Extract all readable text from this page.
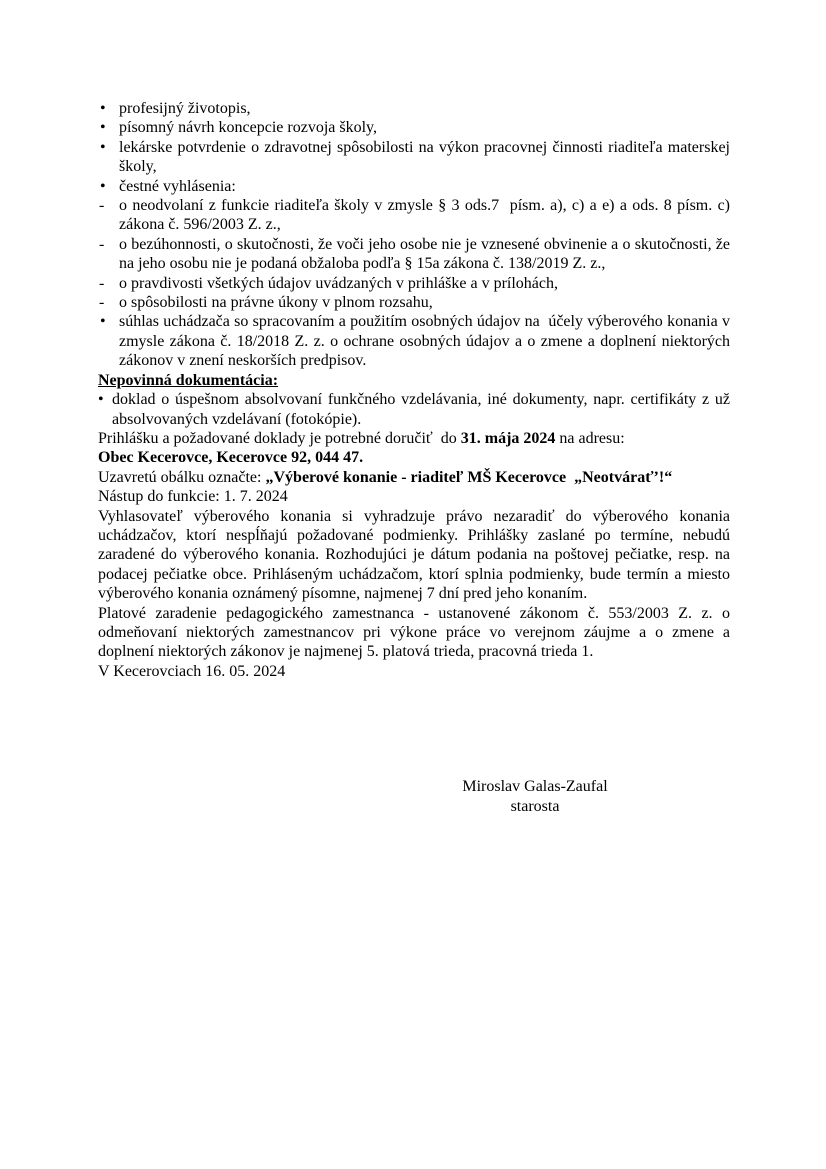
• profesijný životopis,
• písomný návrh koncepcie rozvoja školy,
• lekárske potvrdenie o zdravotnej spôsobilosti na výkon pracovnej činnosti riaditeľa materskej školy,
• čestné vyhlásenia:
- o neodvolaní z funkcie riaditeľa školy v zmysle § 3 ods.7  písm. a), c) a e) a ods. 8 písm. c) zákona č. 596/2003 Z. z.,
- o bezúhonnosti, o skutočnosti, že voči jeho osobe nie je vznesené obvinenie a o skutočnosti, že na jeho osobu nie je podaná obžaloba podľa § 15a zákona č. 138/2019 Z. z.,
- o pravdivosti všetkých údajov uvádzaných v prihláške a v prílohách,
- o spôsobilosti na právne úkony v plnom rozsahu,
• súhlas uchádzača so spracovaním a použitím osobných údajov na  účely výberového konania v zmysle zákona č. 18/2018 Z. z. o ochrane osobných údajov a o zmene a doplnení niektorých zákonov v znení neskorších predpisov.

Nepovinná dokumentácia:

• doklad o úspešnom absolvovaní funkčného vzdelávania, iné dokumenty, napr. certifikáty z už absolvovaných vzdelávaní (fotokópie).

Prihlášku a požadované doklady je potrebné doručiť  do 31. mája 2024 na adresu:
Obec Kecerovce, Kecerovce 92, 044 47.

Uzavretú obálku označte: „Výberové konanie - riaditeľ MŠ Kecerovce  „Neotvárať’!“

Nástup do funkcie: 1. 7. 2024

Vyhlasovateľ výberového konania si vyhradzuje právo nezaradiť do výberového konania uchádzačov, ktorí nespĺňajú požadované podmienky. Prihlášky zaslané po termíne, nebudú zaradené do výberového konania. Rozhodujúci je dátum podania na poštovej pečiatke, resp. na podacej pečiatke obce. Prihláseným uchádzačom, ktorí splnia podmienky, bude termín a miesto výberového konania oznámený písomne, najmenej 7 dní pred jeho konaním.

Platové zaradenie pedagogického zamestnanca - ustanovené zákonom č. 553/2003 Z. z. o odmeňovaní niektorých zamestnancov pri výkone práce vo verejnom záujme a o zmene a doplnení niektorých zákonov je najmenej 5. platová trieda, pracovná trieda 1.

V Kecerovciach 16. 05. 2024

Miroslav Galas-Zaufal
starosta
